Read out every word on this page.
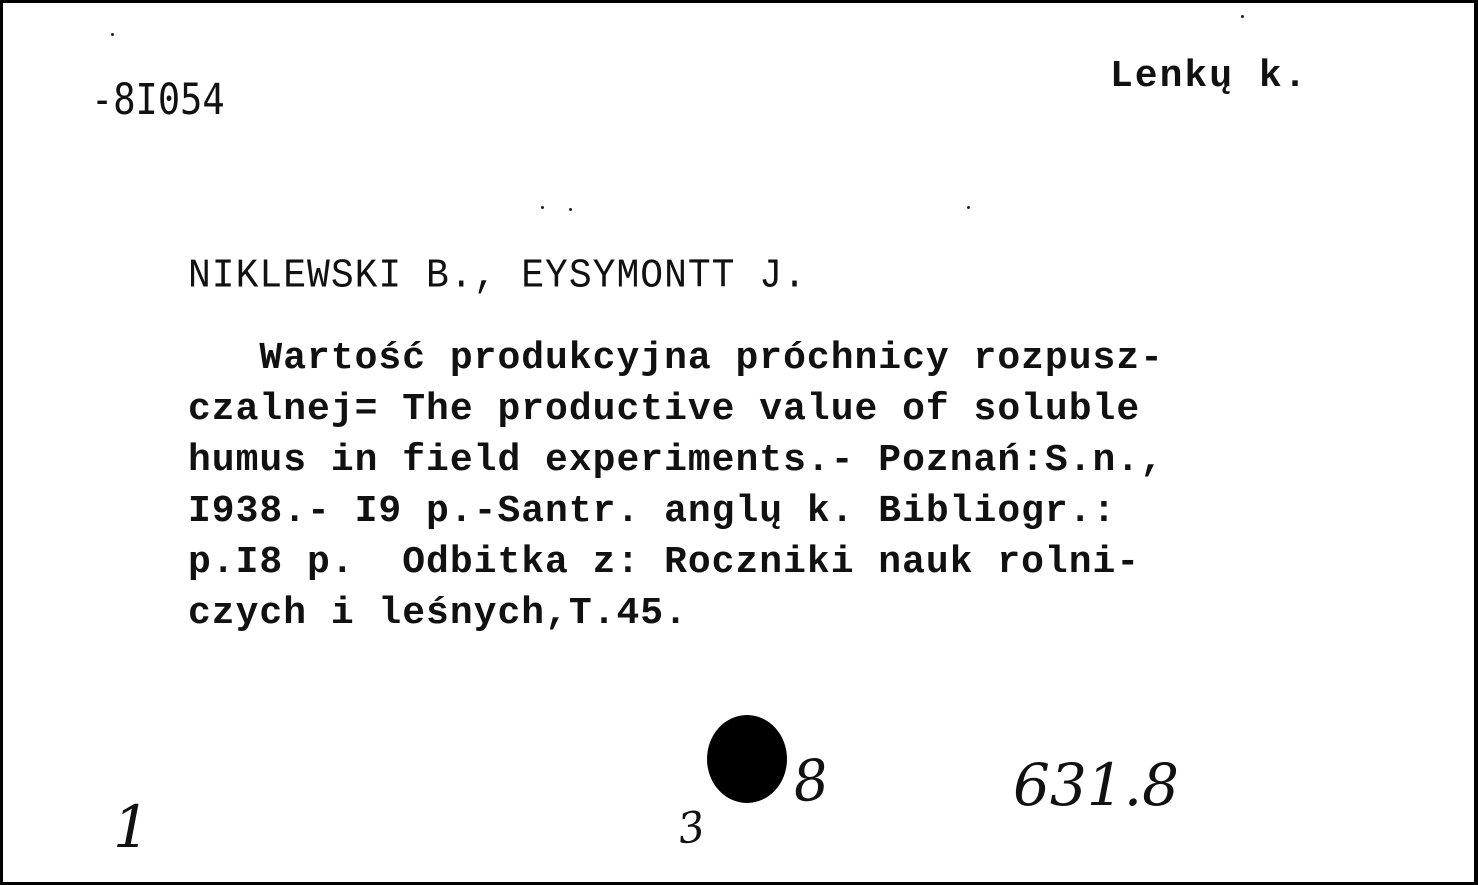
-8I054	Lenkų k.
NIKLEWSKI B., EYSYMONTT J.
Wartość produkcyjna próchnicy rozpusz-
czalnej= The productive value of soluble
humus in field experiments.- Poznań:S.n.,
I938.- I9 p.-Santr. anglų k. Bibliogr.:
p.I8 p.  Odbitka z: Roczniki nauk rolni-
czych i leśnych,T.45.
1	3
8	631.8
